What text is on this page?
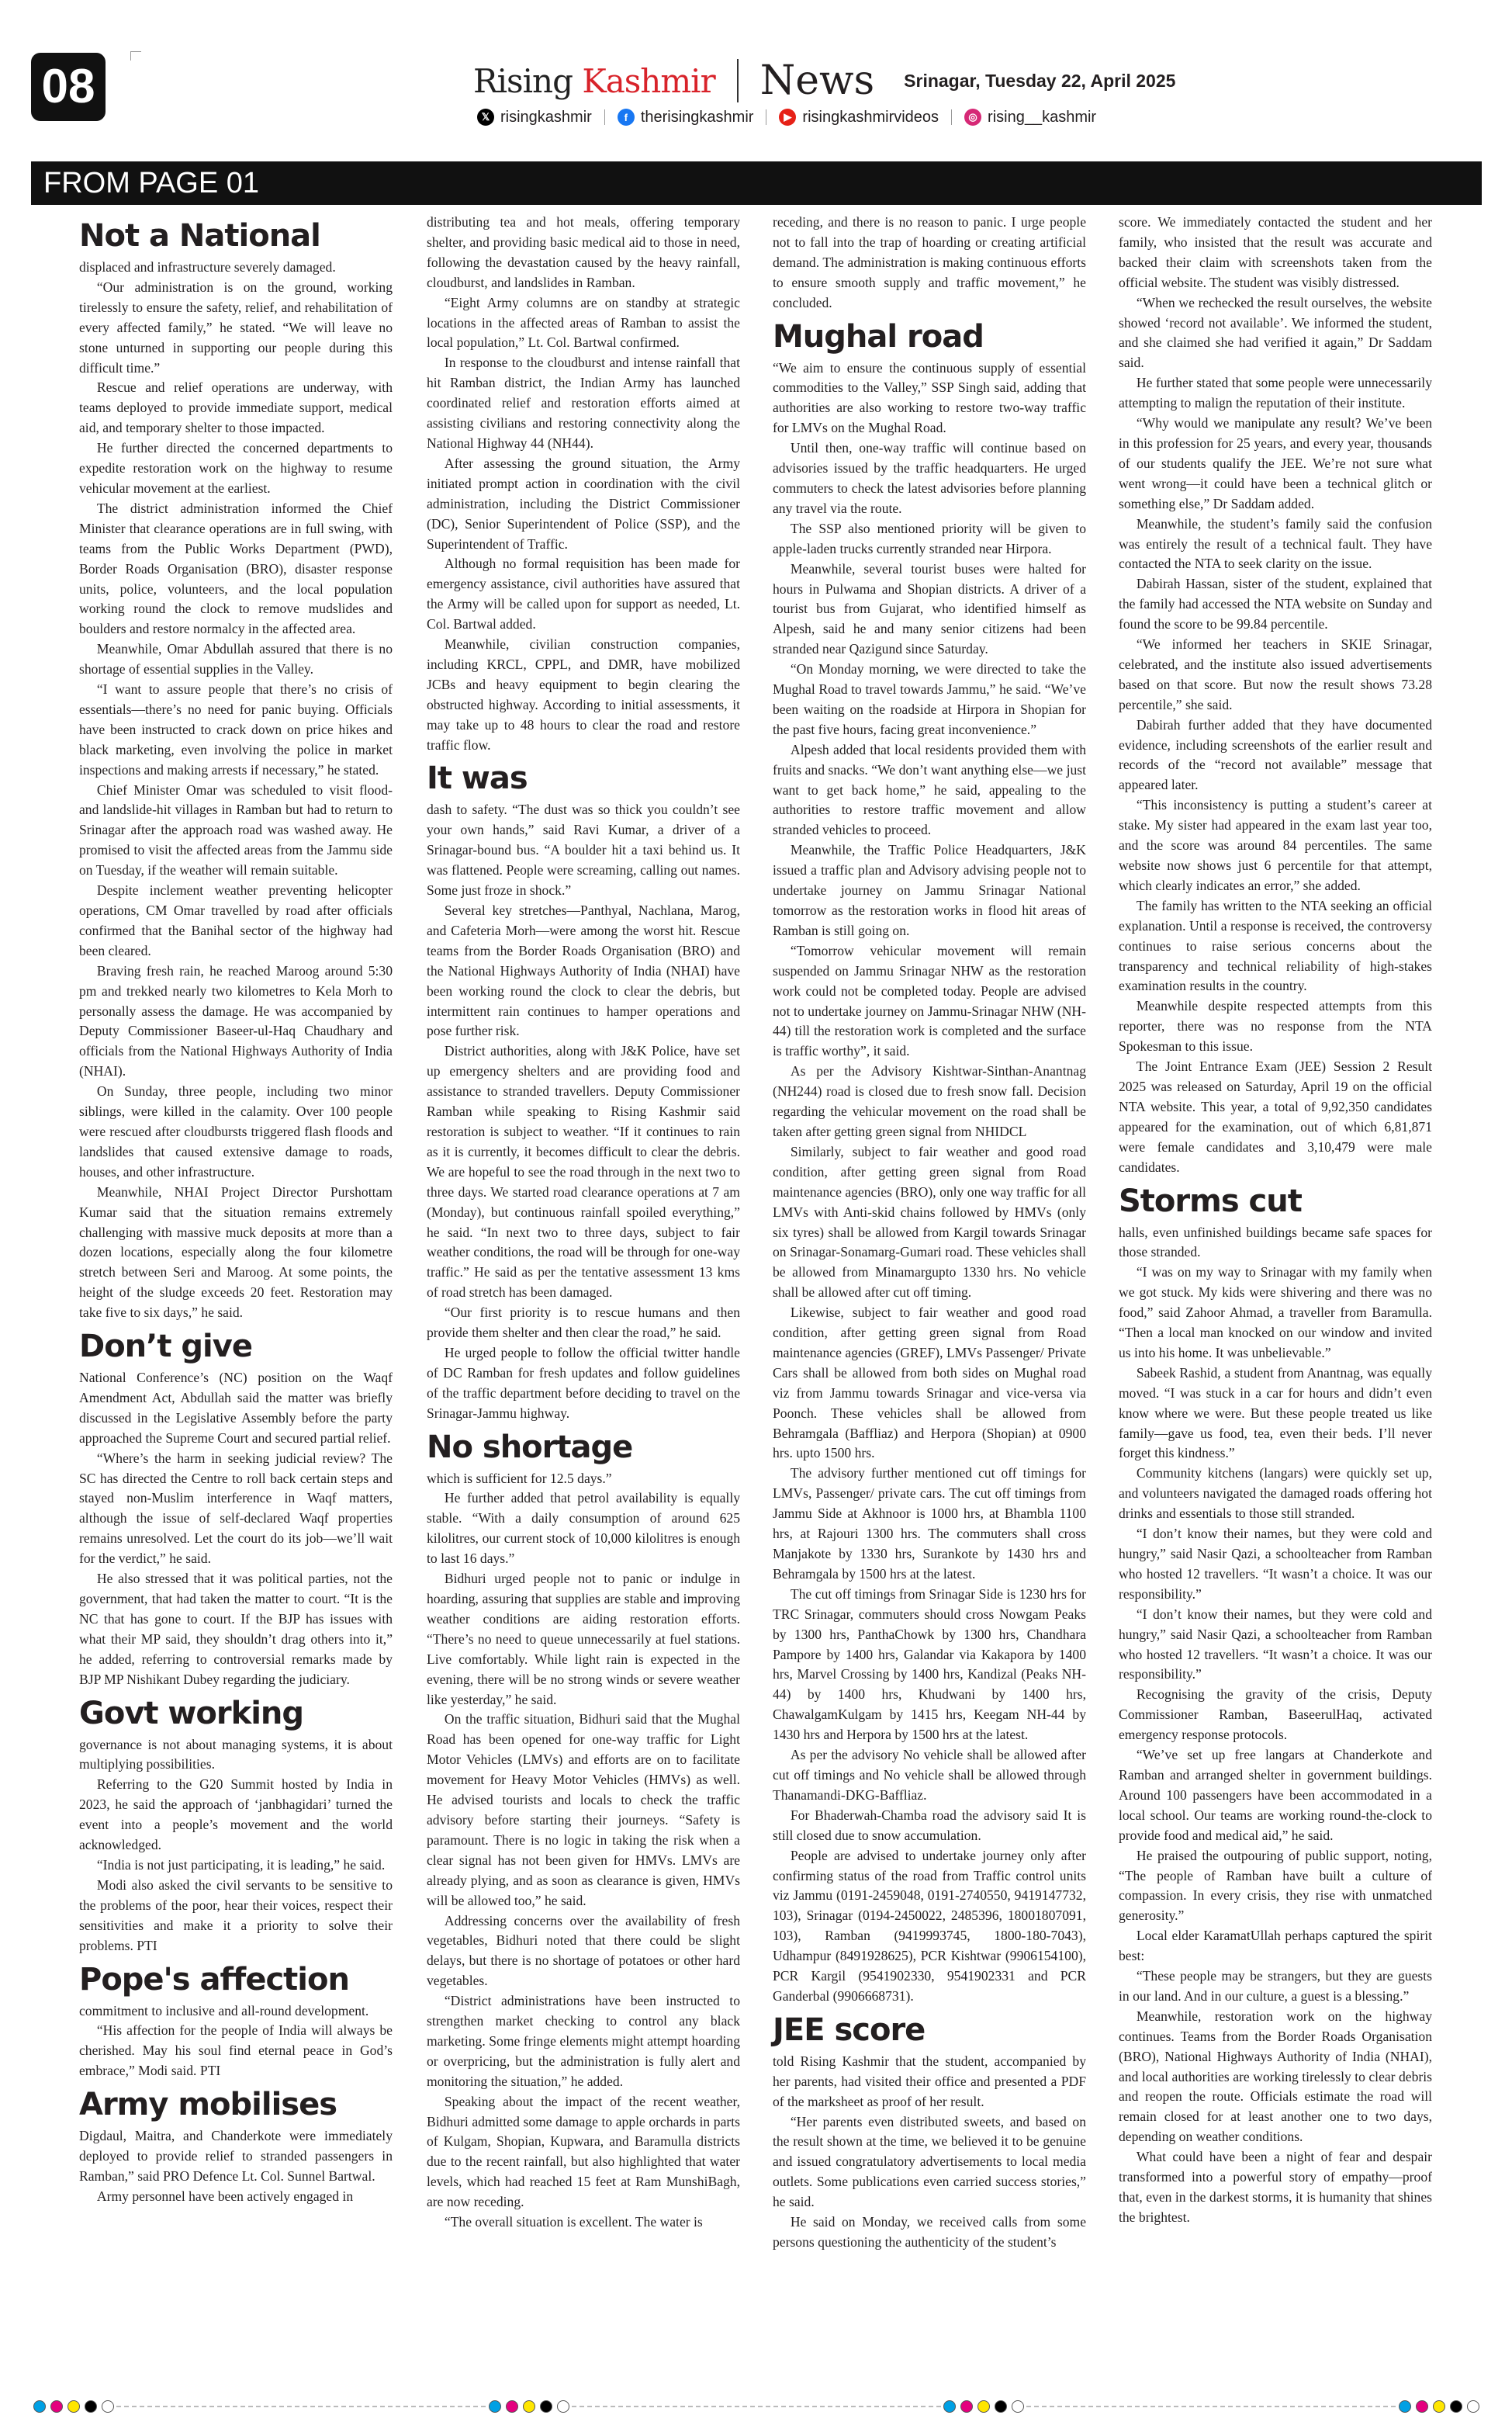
08	Rising Kashmir News Srinagar, Tuesday 22, April 2025
𝕏 risingkashmir	f therisingkashmir	▶ risingkashmirvideos	◎ rising__kashmir
FROM PAGE 01
Not a National

displaced and infrastructure severely damaged.

“Our administration is on the ground, working tirelessly to ensure the safety, relief, and rehabilitation of every affected family,” he stated. “We will leave no stone unturned in supporting our people during this difficult time.”

Rescue and relief operations are underway, with teams deployed to provide immediate support, medical aid, and temporary shelter to those impacted.

He further directed the concerned departments to expedite restoration work on the highway to resume vehicular movement at the earliest.

The district administration informed the Chief Minister that clearance operations are in full swing, with teams from the Public Works Department (PWD), Border Roads Organisation (BRO), disaster response units, police, volunteers, and the local population working round the clock to remove mudslides and boulders and restore normalcy in the affected area.

Meanwhile, Omar Abdullah assured that there is no shortage of essential supplies in the Valley.

“I want to assure people that there’s no crisis of essentials—there’s no need for panic buying. Officials have been instructed to crack down on price hikes and black marketing, even involving the police in market inspections and making arrests if necessary,” he stated.

Chief Minister Omar was scheduled to visit flood- and landslide-hit villages in Ramban but had to return to Srinagar after the approach road was washed away. He promised to visit the affected areas from the Jammu side on Tuesday, if the weather will remain suitable.

Despite inclement weather preventing helicopter operations, CM Omar travelled by road after officials confirmed that the Banihal sector of the highway had been cleared.

Braving fresh rain, he reached Maroog around 5:30 pm and trekked nearly two kilometres to Kela Morh to personally assess the damage. He was accompanied by Deputy Commissioner Baseer-ul-Haq Chaudhary and officials from the National Highways Authority of India (NHAI).

On Sunday, three people, including two minor siblings, were killed in the calamity. Over 100 people were rescued after cloudbursts triggered flash floods and landslides that caused extensive damage to roads, houses, and other infrastructure.

Meanwhile, NHAI Project Director Purshottam Kumar said that the situation remains extremely challenging with massive muck deposits at more than a dozen locations, especially along the four kilometre stretch between Seri and Maroog. At some points, the height of the sludge exceeds 20 feet. Restoration may take five to six days,” he said.

Don’t give

National Conference’s (NC) position on the Waqf Amendment Act, Abdullah said the matter was briefly discussed in the Legislative Assembly before the party approached the Supreme Court and secured partial relief.

“Where’s the harm in seeking judicial review? The SC has directed the Centre to roll back certain steps and stayed non-Muslim interference in Waqf matters, although the issue of self-declared Waqf properties remains unresolved. Let the court do its job—we’ll wait for the verdict,” he said.

He also stressed that it was political parties, not the government, that had taken the matter to court. “It is the NC that has gone to court. If the BJP has issues with what their MP said, they shouldn’t drag others into it,” he added, referring to controversial remarks made by BJP MP Nishikant Dubey regarding the judiciary.

Govt working

governance is not about managing systems, it is about multiplying possibilities.

Referring to the G20 Summit hosted by India in 2023, he said the approach of ‘janbhagidari’ turned the event into a people’s movement and the world acknowledged.

“India is not just participating, it is leading,” he said.

Modi also asked the civil servants to be sensitive to the problems of the poor, hear their voices, respect their sensitivities and make it a priority to solve their problems. PTI

Pope's affection

commitment to inclusive and all-round development.

“His affection for the people of India will always be cherished. May his soul find eternal peace in God’s embrace,” Modi said. PTI

Army mobilises

Digdaul, Maitra, and Chanderkote were immediately deployed to provide relief to stranded passengers in Ramban,” said PRO Defence Lt. Col. Sunnel Bartwal.

Army personnel have been actively engaged in

distributing tea and hot meals, offering temporary shelter, and providing basic medical aid to those in need, following the devastation caused by the heavy rainfall, cloudburst, and landslides in Ramban.

“Eight Army columns are on standby at strategic locations in the affected areas of Ramban to assist the local population,” Lt. Col. Bartwal confirmed.

In response to the cloudburst and intense rainfall that hit Ramban district, the Indian Army has launched coordinated relief and restoration efforts aimed at assisting civilians and restoring connectivity along the National Highway 44 (NH44).

After assessing the ground situation, the Army initiated prompt action in coordination with the civil administration, including the District Commissioner (DC), Senior Superintendent of Police (SSP), and the Superintendent of Traffic.

Although no formal requisition has been made for emergency assistance, civil authorities have assured that the Army will be called upon for support as needed, Lt. Col. Bartwal added.

Meanwhile, civilian construction companies, including KRCL, CPPL, and DMR, have mobilized JCBs and heavy equipment to begin clearing the obstructed highway. According to initial assessments, it may take up to 48 hours to clear the road and restore traffic flow.

It was

dash to safety. “The dust was so thick you couldn’t see your own hands,” said Ravi Kumar, a driver of a Srinagar-bound bus. “A boulder hit a taxi behind us. It was flattened. People were screaming, calling out names. Some just froze in shock.”

Several key stretches—Panthyal, Nachlana, Marog, and Cafeteria Morh—were among the worst hit. Rescue teams from the Border Roads Organisation (BRO) and the National Highways Authority of India (NHAI) have been working round the clock to clear the debris, but intermittent rain continues to hamper operations and pose further risk.

District authorities, along with J&K Police, have set up emergency shelters and are providing food and assistance to stranded travellers. Deputy Commissioner Ramban while speaking to Rising Kashmir said restoration is subject to weather. “If it continues to rain as it is currently, it becomes difficult to clear the debris. We are hopeful to see the road through in the next two to three days. We started road clearance operations at 7 am (Monday), but continuous rainfall spoiled everything,” he said. “In next two to three days, subject to fair weather conditions, the road will be through for one-way traffic.” He said as per the tentative assessment 13 kms of road stretch has been damaged.

“Our first priority is to rescue humans and then provide them shelter and then clear the road,” he said.

He urged people to follow the official twitter handle of DC Ramban for fresh updates and follow guidelines of the traffic department before deciding to travel on the Srinagar-Jammu highway.

No shortage

which is sufficient for 12.5 days.”

He further added that petrol availability is equally stable. “With a daily consumption of around 625 kilolitres, our current stock of 10,000 kilolitres is enough to last 16 days.”

Bidhuri urged people not to panic or indulge in hoarding, assuring that supplies are stable and improving weather conditions are aiding restoration efforts. “There’s no need to queue unnecessarily at fuel stations. Live comfortably. While light rain is expected in the evening, there will be no strong winds or severe weather like yesterday,” he said.

On the traffic situation, Bidhuri said that the Mughal Road has been opened for one-way traffic for Light Motor Vehicles (LMVs) and efforts are on to facilitate movement for Heavy Motor Vehicles (HMVs) as well. He advised tourists and locals to check the traffic advisory before starting their journeys. “Safety is paramount. There is no logic in taking the risk when a clear signal has not been given for HMVs. LMVs are already plying, and as soon as clearance is given, HMVs will be allowed too,” he said.

Addressing concerns over the availability of fresh vegetables, Bidhuri noted that there could be slight delays, but there is no shortage of potatoes or other hard vegetables.

“District administrations have been instructed to strengthen market checking to control any black marketing. Some fringe elements might attempt hoarding or overpricing, but the administration is fully alert and monitoring the situation,” he added.

Speaking about the impact of the recent weather, Bidhuri admitted some damage to apple orchards in parts of Kulgam, Shopian, Kupwara, and Baramulla districts due to the recent rainfall, but also highlighted that water levels, which had reached 15 feet at Ram MunshiBagh, are now receding.

“The overall situation is excellent. The water is

receding, and there is no reason to panic. I urge people not to fall into the trap of hoarding or creating artificial demand. The administration is making continuous efforts to ensure smooth supply and traffic movement,” he concluded.

Mughal road

“We aim to ensure the continuous supply of essential commodities to the Valley,” SSP Singh said, adding that authorities are also working to restore two-way traffic for LMVs on the Mughal Road.

Until then, one-way traffic will continue based on advisories issued by the traffic headquarters. He urged commuters to check the latest advisories before planning any travel via the route.

The SSP also mentioned priority will be given to apple-laden trucks currently stranded near Hirpora.

Meanwhile, several tourist buses were halted for hours in Pulwama and Shopian districts. A driver of a tourist bus from Gujarat, who identified himself as Alpesh, said he and many senior citizens had been stranded near Qazigund since Saturday.

“On Monday morning, we were directed to take the Mughal Road to travel towards Jammu,” he said. “We’ve been waiting on the roadside at Hirpora in Shopian for the past five hours, facing great inconvenience.”

Alpesh added that local residents provided them with fruits and snacks. “We don’t want anything else—we just want to get back home,” he said, appealing to the authorities to restore traffic movement and allow stranded vehicles to proceed.

Meanwhile, the Traffic Police Headquarters, J&K issued a traffic plan and Advisory advising people not to undertake journey on Jammu Srinagar National tomorrow as the restoration works in flood hit areas of Ramban is still going on.

“Tomorrow vehicular movement will remain suspended on Jammu Srinagar NHW as the restoration work could not be completed today. People are advised not to undertake journey on Jammu-Srinagar NHW (NH-44) till the restoration work is completed and the surface is traffic worthy”, it said.

As per the Advisory Kishtwar-Sinthan-Anantnag (NH244) road is closed due to fresh snow fall. Decision regarding the vehicular movement on the road shall be taken after getting green signal from NHIDCL

Similarly, subject to fair weather and good road condition, after getting green signal from Road maintenance agencies (BRO), only one way traffic for all LMVs with Anti-skid chains followed by HMVs (only six tyres) shall be allowed from Kargil towards Srinagar on Srinagar-Sonamarg-Gumari road. These vehicles shall be allowed from Minamargupto 1330 hrs. No vehicle shall be allowed after cut off timing.

Likewise, subject to fair weather and good road condition, after getting green signal from Road maintenance agencies (GREF), LMVs Passenger/ Private Cars shall be allowed from both sides on Mughal road viz from Jammu towards Srinagar and vice-versa via Poonch. These vehicles shall be allowed from Behramgala (Baffliaz) and Herpora (Shopian) at 0900 hrs. upto 1500 hrs.

The advisory further mentioned cut off timings for LMVs, Passenger/ private cars. The cut off timings from Jammu Side at Akhnoor is 1000 hrs, at Bhambla 1100 hrs, at Rajouri 1300 hrs. The commuters shall cross Manjakote by 1330 hrs, Surankote by 1430 hrs and Behramgala by 1500 hrs at the latest.

The cut off timings from Srinagar Side is 1230 hrs for TRC Srinagar, commuters should cross Nowgam Peaks by 1300 hrs, PanthaChowk by 1300 hrs, Chandhara Pampore by 1400 hrs, Galandar via Kakapora by 1400 hrs, Marvel Crossing by 1400 hrs, Kandizal (Peaks NH-44) by 1400 hrs, Khudwani by 1400 hrs, ChawalgamKulgam by 1415 hrs, Keegam NH-44 by 1430 hrs and Herpora by 1500 hrs at the latest.

As per the advisory No vehicle shall be allowed after cut off timings and No vehicle shall be allowed through Thanamandi-DKG-Baffliaz.

For Bhaderwah-Chamba road the advisory said It is still closed due to snow accumulation.

People are advised to undertake journey only after confirming status of the road from Traffic control units viz Jammu (0191-2459048, 0191-2740550, 9419147732, 103), Srinagar (0194-2450022, 2485396, 18001807091, 103), Ramban (9419993745, 1800-180-7043), Udhampur (8491928625), PCR Kishtwar (9906154100), PCR Kargil (9541902330, 9541902331 and PCR Ganderbal (9906668731).

JEE score

told Rising Kashmir that the student, accompanied by her parents, had visited their office and presented a PDF of the marksheet as proof of her result.

“Her parents even distributed sweets, and based on the result shown at the time, we believed it to be genuine and issued congratulatory advertisements to local media outlets. Some publications even carried success stories,” he said.

He said on Monday, we received calls from some persons questioning the authenticity of the student’s

score. We immediately contacted the student and her family, who insisted that the result was accurate and backed their claim with screenshots taken from the official website. The student was visibly distressed.

“When we rechecked the result ourselves, the website showed ‘record not available’. We informed the student, and she claimed she had verified it again,” Dr Saddam said.

He further stated that some people were unnecessarily attempting to malign the reputation of their institute.

“Why would we manipulate any result? We’ve been in this profession for 25 years, and every year, thousands of our students qualify the JEE. We’re not sure what went wrong—it could have been a technical glitch or something else,” Dr Saddam added.

Meanwhile, the student’s family said the confusion was entirely the result of a technical fault. They have contacted the NTA to seek clarity on the issue.

Dabirah Hassan, sister of the student, explained that the family had accessed the NTA website on Sunday and found the score to be 99.84 percentile.

“We informed her teachers in SKIE Srinagar, celebrated, and the institute also issued advertisements based on that score. But now the result shows 73.28 percentile,” she said.

Dabirah further added that they have documented evidence, including screenshots of the earlier result and records of the “record not available” message that appeared later.

“This inconsistency is putting a student’s career at stake. My sister had appeared in the exam last year too, and the score was around 84 percentiles. The same website now shows just 6 percentile for that attempt, which clearly indicates an error,” she added.

The family has written to the NTA seeking an official explanation. Until a response is received, the controversy continues to raise serious concerns about the transparency and technical reliability of high-stakes examination results in the country.

Meanwhile despite respected attempts from this reporter, there was no response from the NTA Spokesman to this issue.

The Joint Entrance Exam (JEE) Session 2 Result 2025 was released on Saturday, April 19 on the official NTA website. This year, a total of 9,92,350 candidates appeared for the examination, out of which 6,81,871 were female candidates and 3,10,479 were male candidates.

Storms cut

halls, even unfinished buildings became safe spaces for those stranded.

“I was on my way to Srinagar with my family when we got stuck. My kids were shivering and there was no food,” said Zahoor Ahmad, a traveller from Baramulla. “Then a local man knocked on our window and invited us into his home. It was unbelievable.”

Sabeek Rashid, a student from Anantnag, was equally moved. “I was stuck in a car for hours and didn’t even know where we were. But these people treated us like family—gave us food, tea, even their beds. I’ll never forget this kindness.”

Community kitchens (langars) were quickly set up, and volunteers navigated the damaged roads offering hot drinks and essentials to those still stranded.

“I don’t know their names, but they were cold and hungry,” said Nasir Qazi, a schoolteacher from Ramban who hosted 12 travellers. “It wasn’t a choice. It was our responsibility.”

“I don’t know their names, but they were cold and hungry,” said Nasir Qazi, a schoolteacher from Ramban who hosted 12 travellers. “It wasn’t a choice. It was our responsibility.”

Recognising the gravity of the crisis, Deputy Commissioner Ramban, BaseerulHaq, activated emergency response protocols.

“We’ve set up free langars at Chanderkote and Ramban and arranged shelter in government buildings. Around 100 passengers have been accommodated in a local school. Our teams are working round-the-clock to provide food and medical aid,” he said.

He praised the outpouring of public support, noting, “The people of Ramban have built a culture of compassion. In every crisis, they rise with unmatched generosity.”

Local elder KaramatUllah perhaps captured the spirit best:

“These people may be strangers, but they are guests in our land. And in our culture, a guest is a blessing.”

Meanwhile, restoration work on the highway continues. Teams from the Border Roads Organisation (BRO), National Highways Authority of India (NHAI), and local authorities are working tirelessly to clear debris and reopen the route. Officials estimate the road will remain closed for at least another one to two days, depending on weather conditions.

What could have been a night of fear and despair transformed into a powerful story of empathy—proof that, even in the darkest storms, it is humanity that shines the brightest.
